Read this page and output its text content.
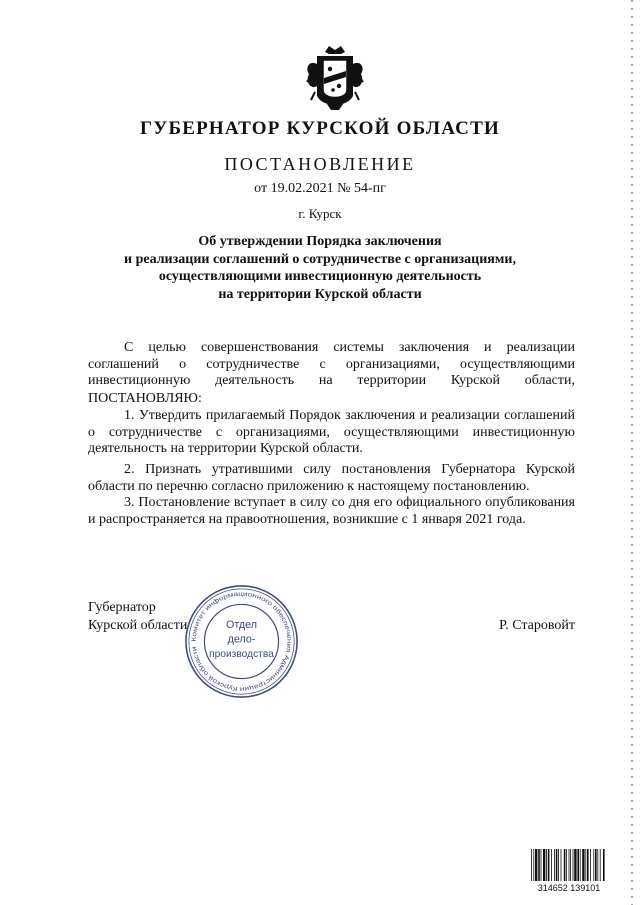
ГУБЕРНАТОР КУРСКОЙ ОБЛАСТИ
ПОСТАНОВЛЕНИЕ
от 19.02.2021 № 54-пг
г. Курск
Об утверждении Порядка заключения
и реализации соглашений о сотрудничестве с организациями,
осуществляющими инвестиционную деятельность
на территории Курской области

С целью совершенствования системы заключения и реализации соглашений о сотрудничестве с организациями, осуществляющими инвестиционную деятельность на территории Курской области,

ПОСТАНОВЛЯЮ:

1. Утвердить прилагаемый Порядок заключения и реализации соглашений о сотрудничестве с организациями, осуществляющими инвестиционную деятельность на территории Курской области.

2. Признать утратившими силу постановления Губернатора Курской области по перечню согласно приложению к настоящему постановлению.

3. Постановление вступает в силу со дня его официального опубликования и распространяется на правоотношения, возникшие с 1 января 2021 года.

Губернатор
Курской области	Р. Старовойт
Комитет информационного обеспечения Администрации Курской области
Отдел
дело-
производства
314652 139101
